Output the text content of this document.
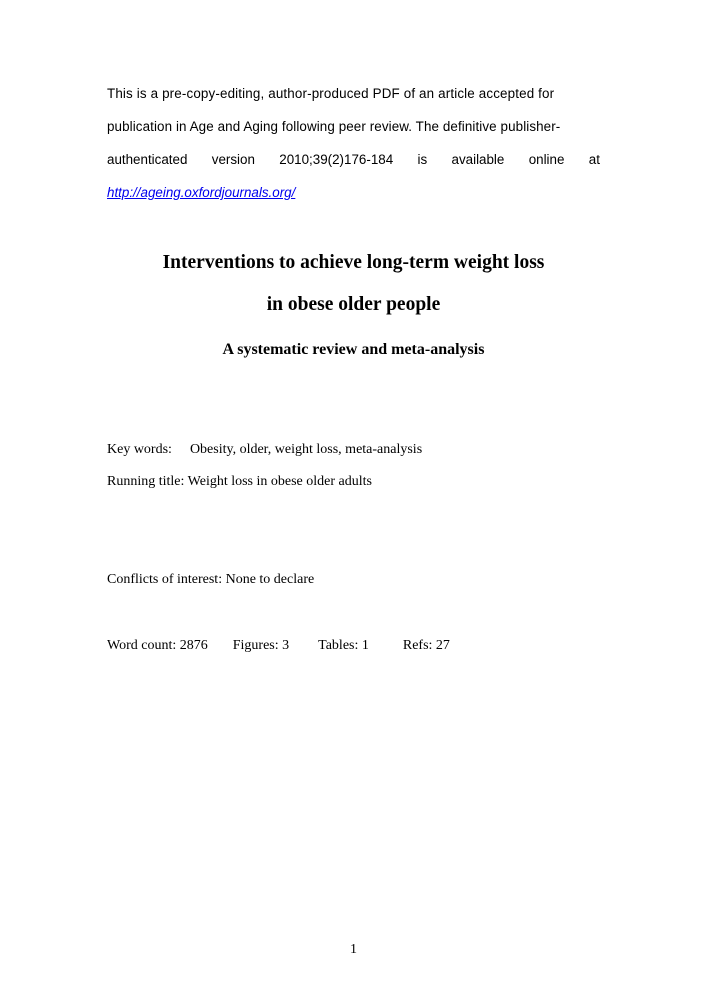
This is a pre-copy-editing, author-produced PDF of an article accepted for
publication in Age and Aging following peer review. The definitive publisher-
authenticated version 2010;39(2)176-184 is available online at
http://ageing.oxfordjournals.org/
Interventions to achieve long-term weight loss
in obese older people
A systematic review and meta-analysis
Key words: Obesity, older, weight loss, meta-analysis
Running title: Weight loss in obese older adults
Conflicts of interest: None to declare
Word count: 2876 Figures: 3 Tables: 1 Refs: 27
1
